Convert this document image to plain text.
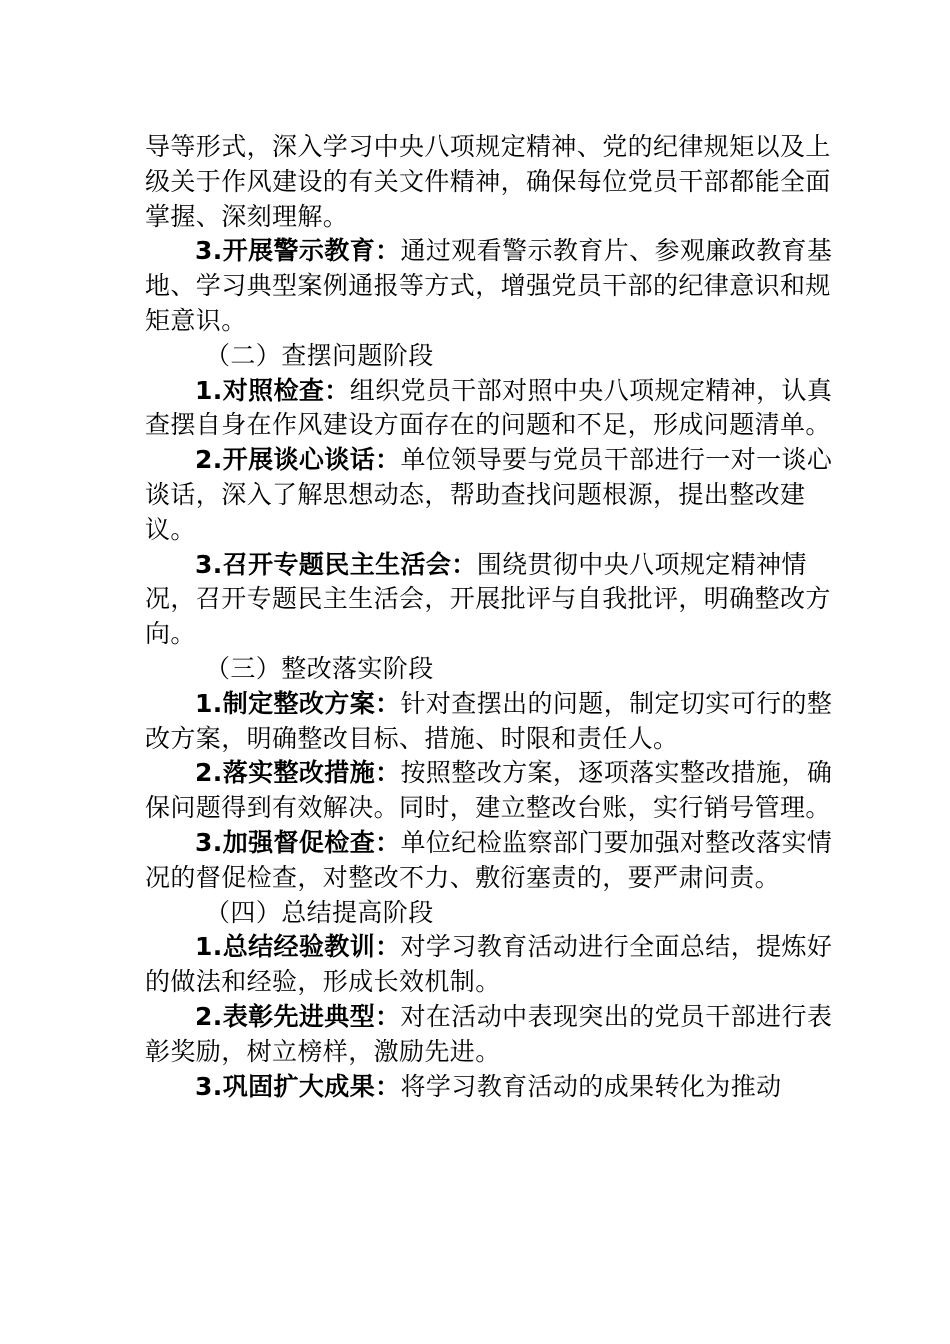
导等形式，深入学习中央八项规定精神、党的纪律规矩以及上级关于作风建设的有关文件精神，确保每位党员干部都能全面掌握、深刻理解。

3.开展警示教育：通过观看警示教育片、参观廉政教育基地、学习典型案例通报等方式，增强党员干部的纪律意识和规矩意识。

（二）查摆问题阶段

1.对照检查：组织党员干部对照中央八项规定精神，认真查摆自身在作风建设方面存在的问题和不足，形成问题清单。

2.开展谈心谈话：单位领导要与党员干部进行一对一谈心谈话，深入了解思想动态，帮助查找问题根源，提出整改建议。

3.召开专题民主生活会：围绕贯彻中央八项规定精神情况，召开专题民主生活会，开展批评与自我批评，明确整改方向。

（三）整改落实阶段

1.制定整改方案：针对查摆出的问题，制定切实可行的整改方案，明确整改目标、措施、时限和责任人。

2.落实整改措施：按照整改方案，逐项落实整改措施，确保问题得到有效解决。同时，建立整改台账，实行销号管理。

3.加强督促检查：单位纪检监察部门要加强对整改落实情况的督促检查，对整改不力、敷衍塞责的，要严肃问责。

（四）总结提高阶段

1.总结经验教训：对学习教育活动进行全面总结，提炼好的做法和经验，形成长效机制。

2.表彰先进典型：对在活动中表现突出的党员干部进行表彰奖励，树立榜样，激励先进。

3.巩固扩大成果：将学习教育活动的成果转化为推动
